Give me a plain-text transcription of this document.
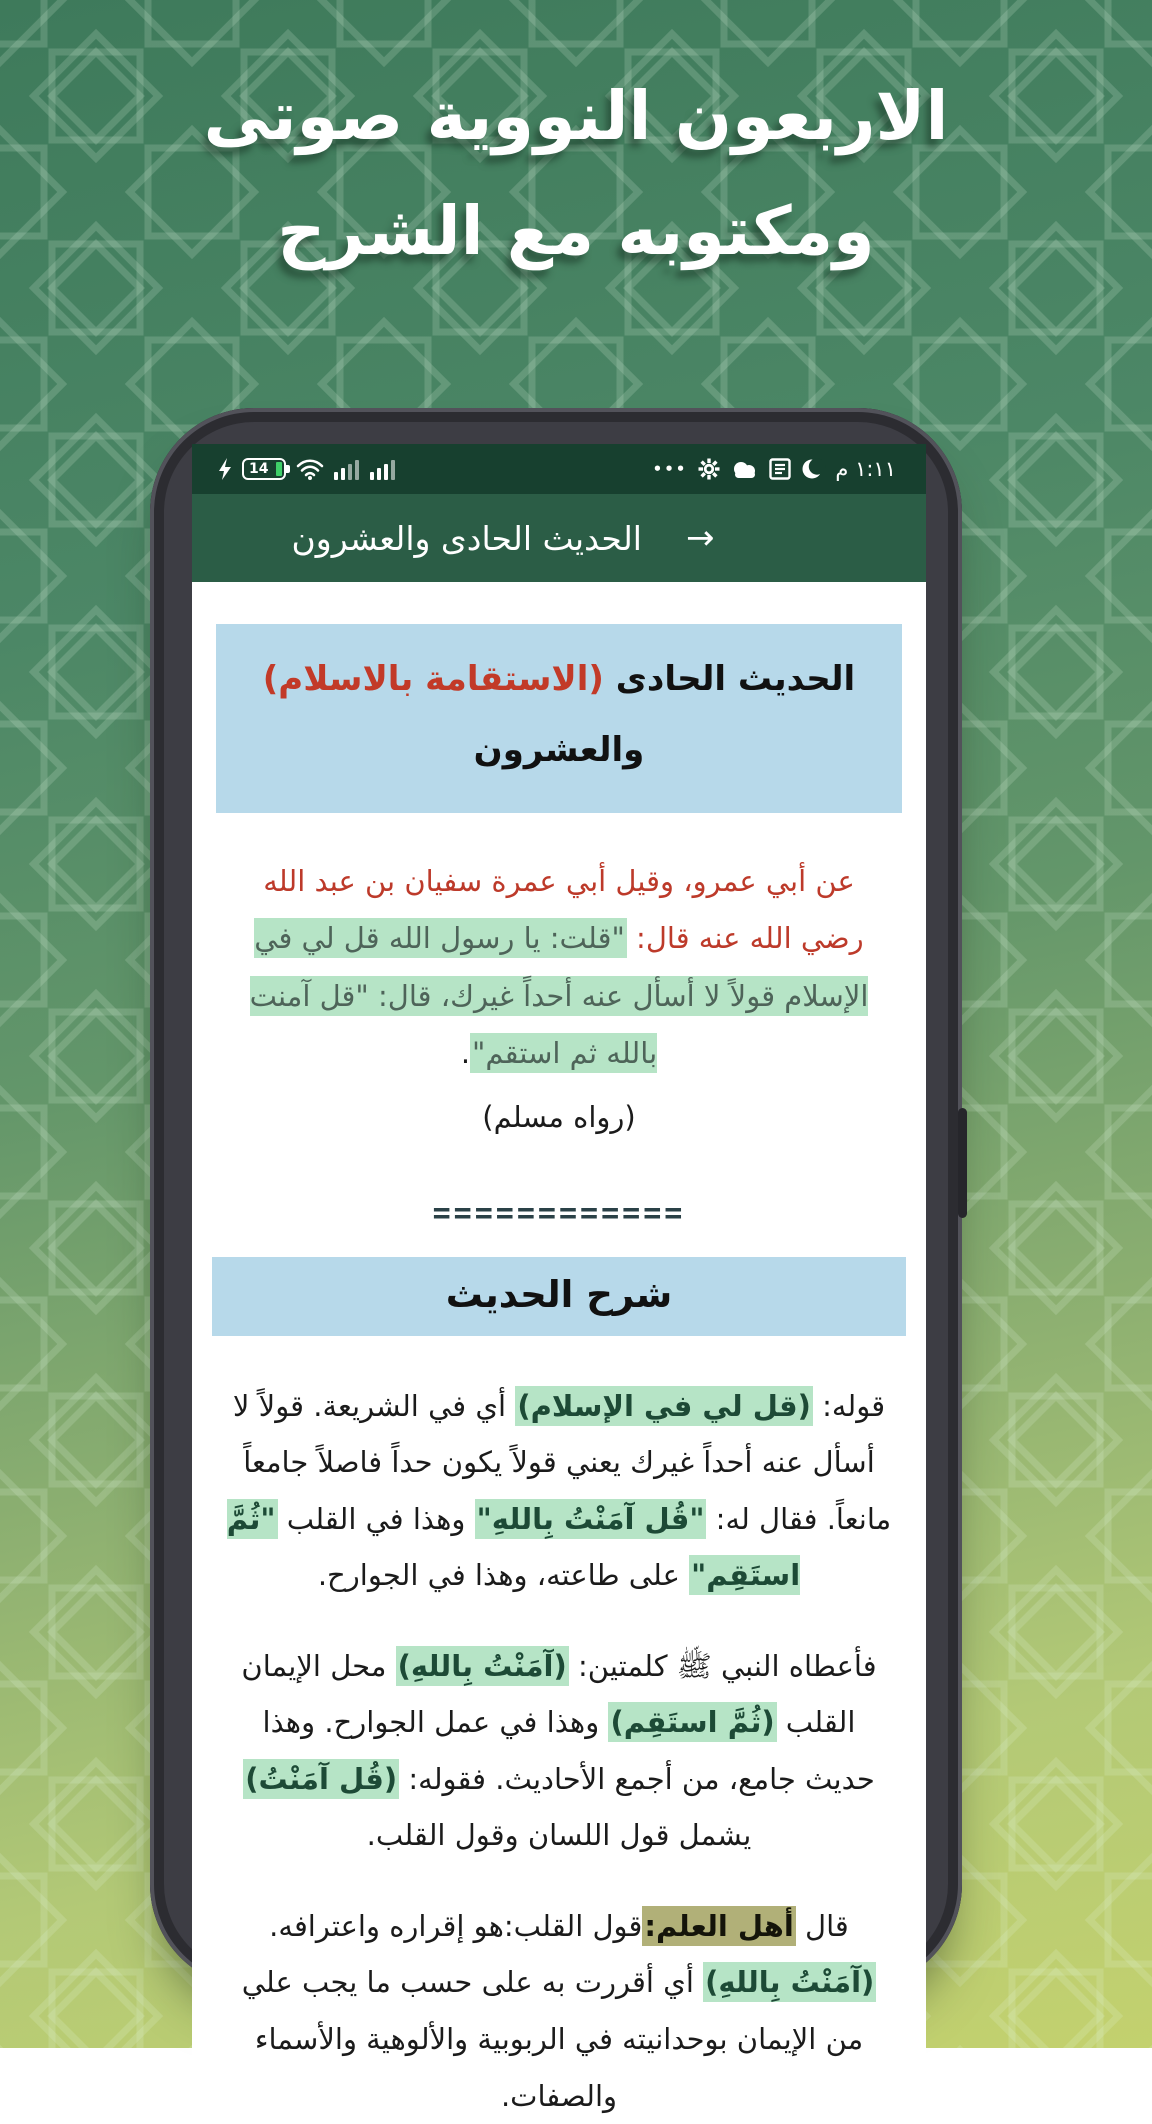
الاربعون النووية صوتى
ومكتوبه مع الشرح
14	•••	١:١١ م
الحديث الحادى والعشرون →
الحديث الحادى (الاستقامة بالاسلام) والعشرون

عن أبي عمرو، وقيل أبي عمرة سفيان بن عبد الله رضي الله عنه قال: "قلت: يا رسول الله قل لي في الإسلام قولاً لا أسأل عنه أحداً غيرك، قال: "قل آمنت بالله ثم استقم".

(رواه مسلم)
============
شرح الحديث

قوله: (قل لي في الإسلام) أي في الشريعة. قولاً لا أسأل عنه أحداً غيرك يعني قولاً يكون حداً فاصلاً جامعاً مانعاً. فقال له: "قُل آمَنْتُ بِاللهِ" وهذا في القلب "ثُمَّ استَقِم" على طاعته، وهذا في الجوارح.

فأعطاه النبي ﷺ كلمتين: (آمَنْتُ بِاللهِ) محل الإيمان القلب (ثُمَّ استَقِم) وهذا في عمل الجوارح. وهذا حديث جامع، من أجمع الأحاديث. فقوله: (قُل آمَنْتُ) يشمل قول اللسان وقول القلب.

قال أهل العلم:قول القلب:هو إقراره واعترافه. (آمَنْتُ بِاللهِ) أي أقررت به على حسب ما يجب علي من الإيمان بوحدانيته في الربوبية والألوهية والأسماء والصفات.
